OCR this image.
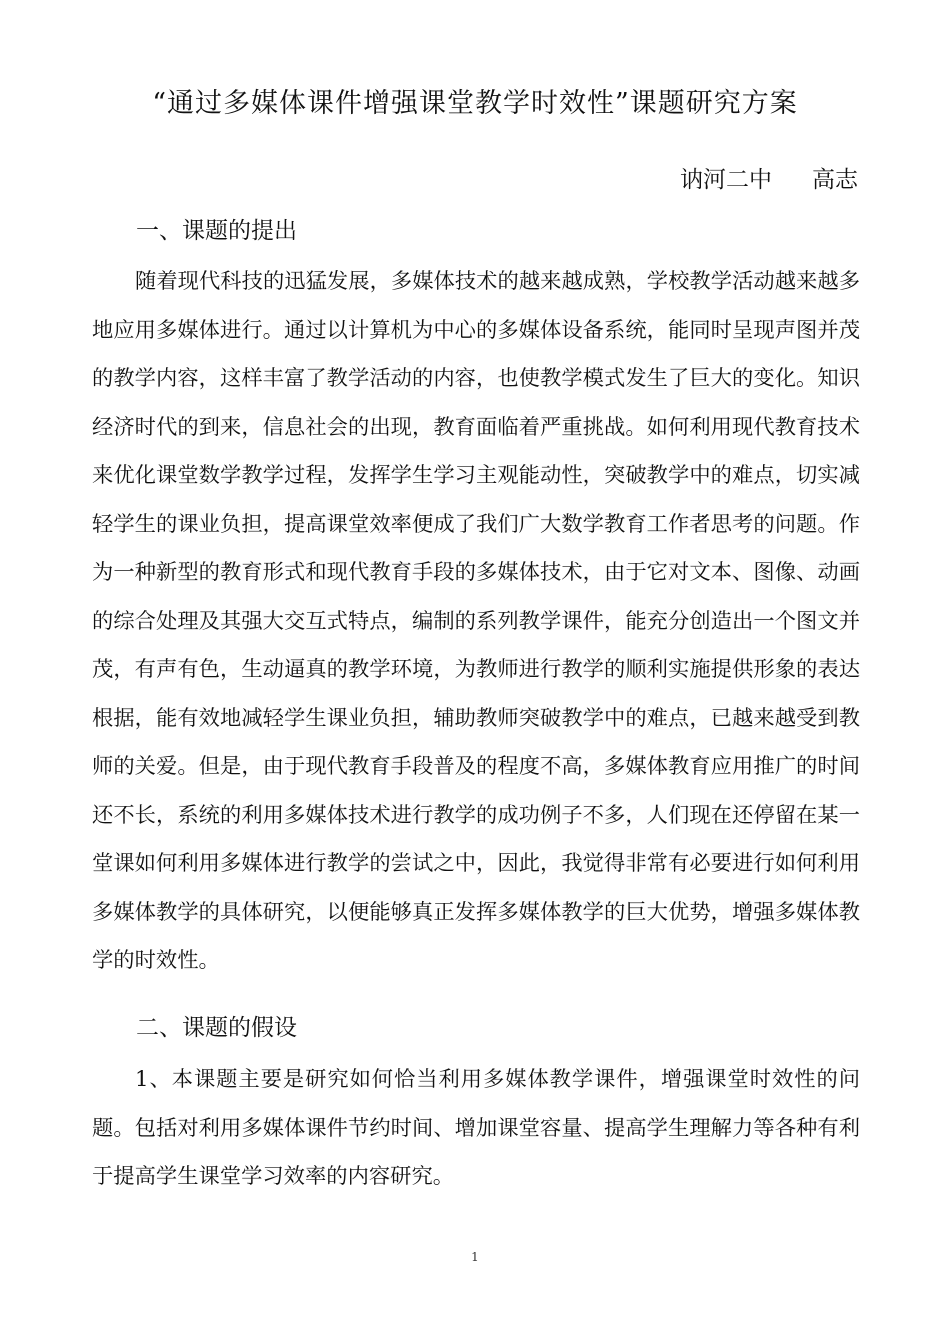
“通过多媒体课件增强课堂教学时效性”课题研究方案
讷河二中 高志
一、课题的提出

随着现代科技的迅猛发展，多媒体技术的越来越成熟，学校教学活动越来越多地应用多媒体进行。通过以计算机为中心的多媒体设备系统，能同时呈现声图并茂的教学内容，这样丰富了教学活动的内容，也使教学模式发生了巨大的变化。知识经济时代的到来，信息社会的出现，教育面临着严重挑战。如何利用现代教育技术来优化课堂数学教学过程，发挥学生学习主观能动性，突破教学中的难点，切实减轻学生的课业负担，提高课堂效率便成了我们广大数学教育工作者思考的问题。作为一种新型的教育形式和现代教育手段的多媒体技术，由于它对文本、图像、动画的综合处理及其强大交互式特点，编制的系列教学课件，能充分创造出一个图文并茂，有声有色，生动逼真的教学环境，为教师进行教学的顺利实施提供形象的表达根据，能有效地减轻学生课业负担，辅助教师突破教学中的难点，已越来越受到教师的关爱。但是，由于现代教育手段普及的程度不高，多媒体教育应用推广的时间还不长，系统的利用多媒体技术进行教学的成功例子不多，人们现在还停留在某一堂课如何利用多媒体进行教学的尝试之中，因此，我觉得非常有必要进行如何利用多媒体教学的具体研究，以便能够真正发挥多媒体教学的巨大优势，增强多媒体教学的时效性。

二、课题的假设

1、本课题主要是研究如何恰当利用多媒体教学课件，增强课堂时效性的问题。包括对利用多媒体课件节约时间、增加课堂容量、提高学生理解力等各种有利于提高学生课堂学习效率的内容研究。

1
